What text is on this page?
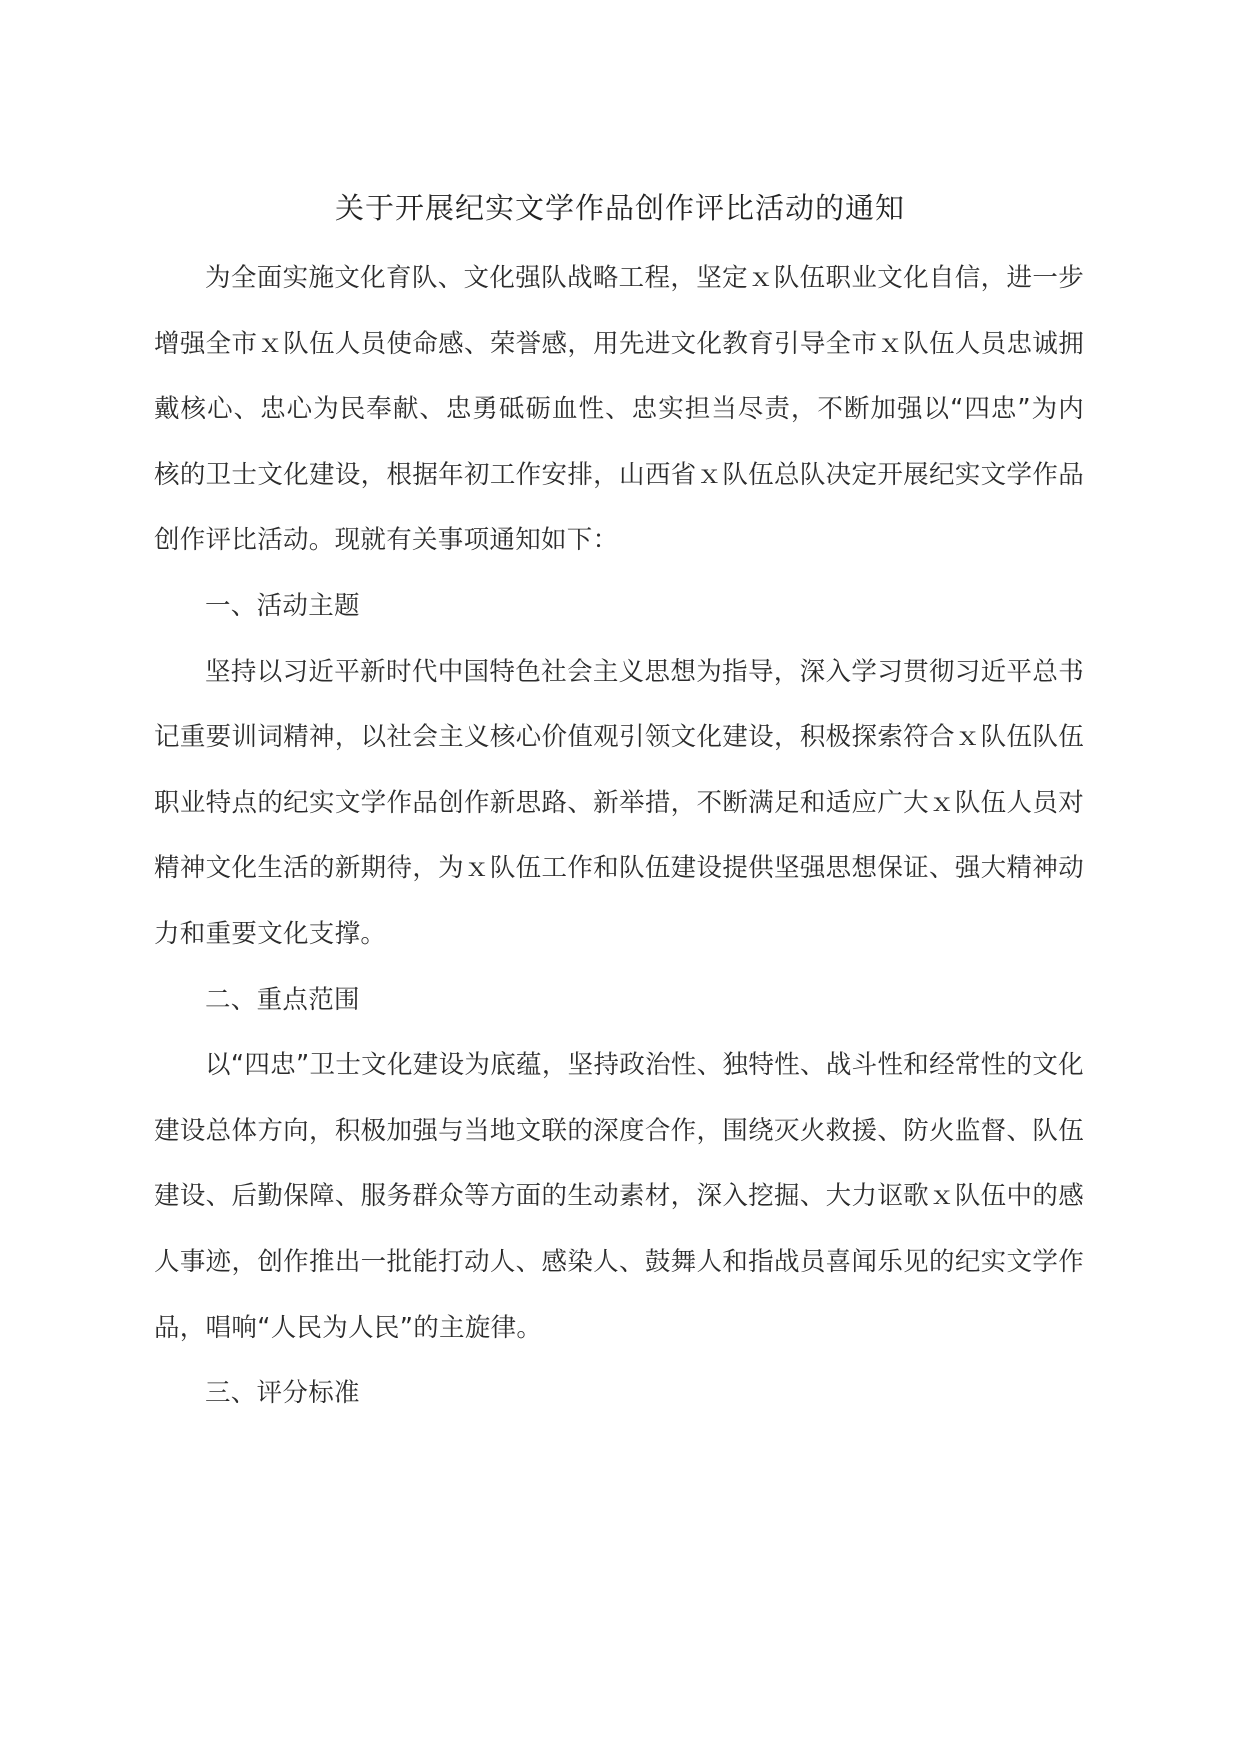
关于开展纪实文学作品创作评比活动的通知

为全面实施文化育队、文化强队战略工程，坚定ｘ队伍职业文化自信，进一步增强全市ｘ队伍人员使命感、荣誉感，用先进文化教育引导全市ｘ队伍人员忠诚拥戴核心、忠心为民奉献、忠勇砥砺血性、忠实担当尽责，不断加强以“四忠”为内核的卫士文化建设，根据年初工作安排，山西省ｘ队伍总队决定开展纪实文学作品创作评比活动。现就有关事项通知如下：

一、活动主题

坚持以习近平新时代中国特色社会主义思想为指导，深入学习贯彻习近平总书记重要训词精神，以社会主义核心价值观引领文化建设，积极探索符合ｘ队伍队伍职业特点的纪实文学作品创作新思路、新举措，不断满足和适应广大ｘ队伍人员对精神文化生活的新期待，为ｘ队伍工作和队伍建设提供坚强思想保证、强大精神动力和重要文化支撑。

二、重点范围

以“四忠”卫士文化建设为底蕴，坚持政治性、独特性、战斗性和经常性的文化建设总体方向，积极加强与当地文联的深度合作，围绕灭火救援、防火监督、队伍建设、后勤保障、服务群众等方面的生动素材，深入挖掘、大力讴歌ｘ队伍中的感人事迹，创作推出一批能打动人、感染人、鼓舞人和指战员喜闻乐见的纪实文学作品，唱响“人民为人民”的主旋律。

三、评分标准
